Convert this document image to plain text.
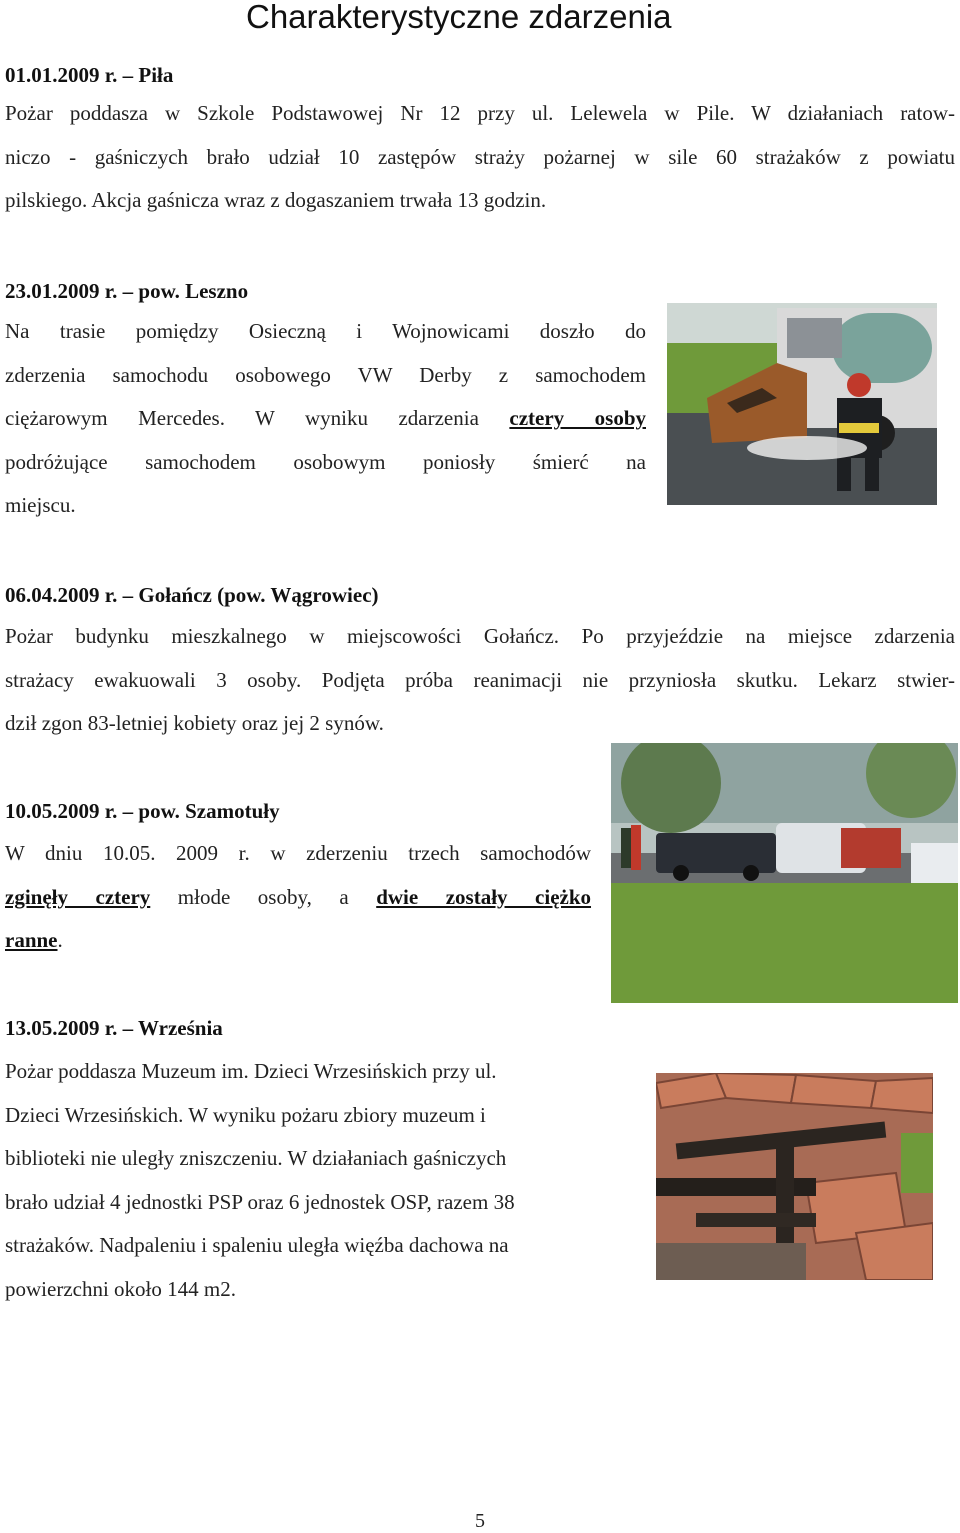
Charakterystyczne zdarzenia
01.01.2009 r. – Piła
Pożar poddasza w Szkole Podstawowej Nr 12 przy ul. Lelewela w Pile. W działaniach ratow-
niczo - gaśniczych brało udział 10 zastępów straży pożarnej w sile 60 strażaków z powiatu
pilskiego. Akcja gaśnicza wraz z dogaszaniem trwała 13 godzin.
23.01.2009 r. – pow. Leszno
Na trasie pomiędzy Osieczną i Wojnowicami doszło do
zderzenia samochodu osobowego VW Derby z samochodem
ciężarowym Mercedes. W wyniku zdarzenia cztery osoby
podróżujące samochodem osobowym poniosły śmierć na
miejscu.
06.04.2009 r. – Gołańcz (pow. Wągrowiec)
Pożar budynku mieszkalnego w miejscowości Gołańcz. Po przyjeździe na miejsce zdarzenia
strażacy ewakuowali 3 osoby. Podjęta próba reanimacji nie przyniosła skutku. Lekarz stwier-
dził zgon 83-letniej kobiety oraz jej 2 synów.
10.05.2009 r. – pow. Szamotuły
W dniu 10.05. 2009 r. w zderzeniu trzech samochodów
zginęły cztery młode osoby, a dwie zostały ciężko
ranne.
13.05.2009 r. – Września
Pożar poddasza Muzeum im. Dzieci Wrzesińskich przy ul.
Dzieci Wrzesińskich. W wyniku pożaru zbiory muzeum i
biblioteki nie uległy zniszczeniu. W działaniach gaśniczych
brało udział 4 jednostki PSP oraz 6 jednostek OSP, razem 38
strażaków. Nadpaleniu i spaleniu uległa więźba dachowa na
powierzchni około 144 m2.
5
